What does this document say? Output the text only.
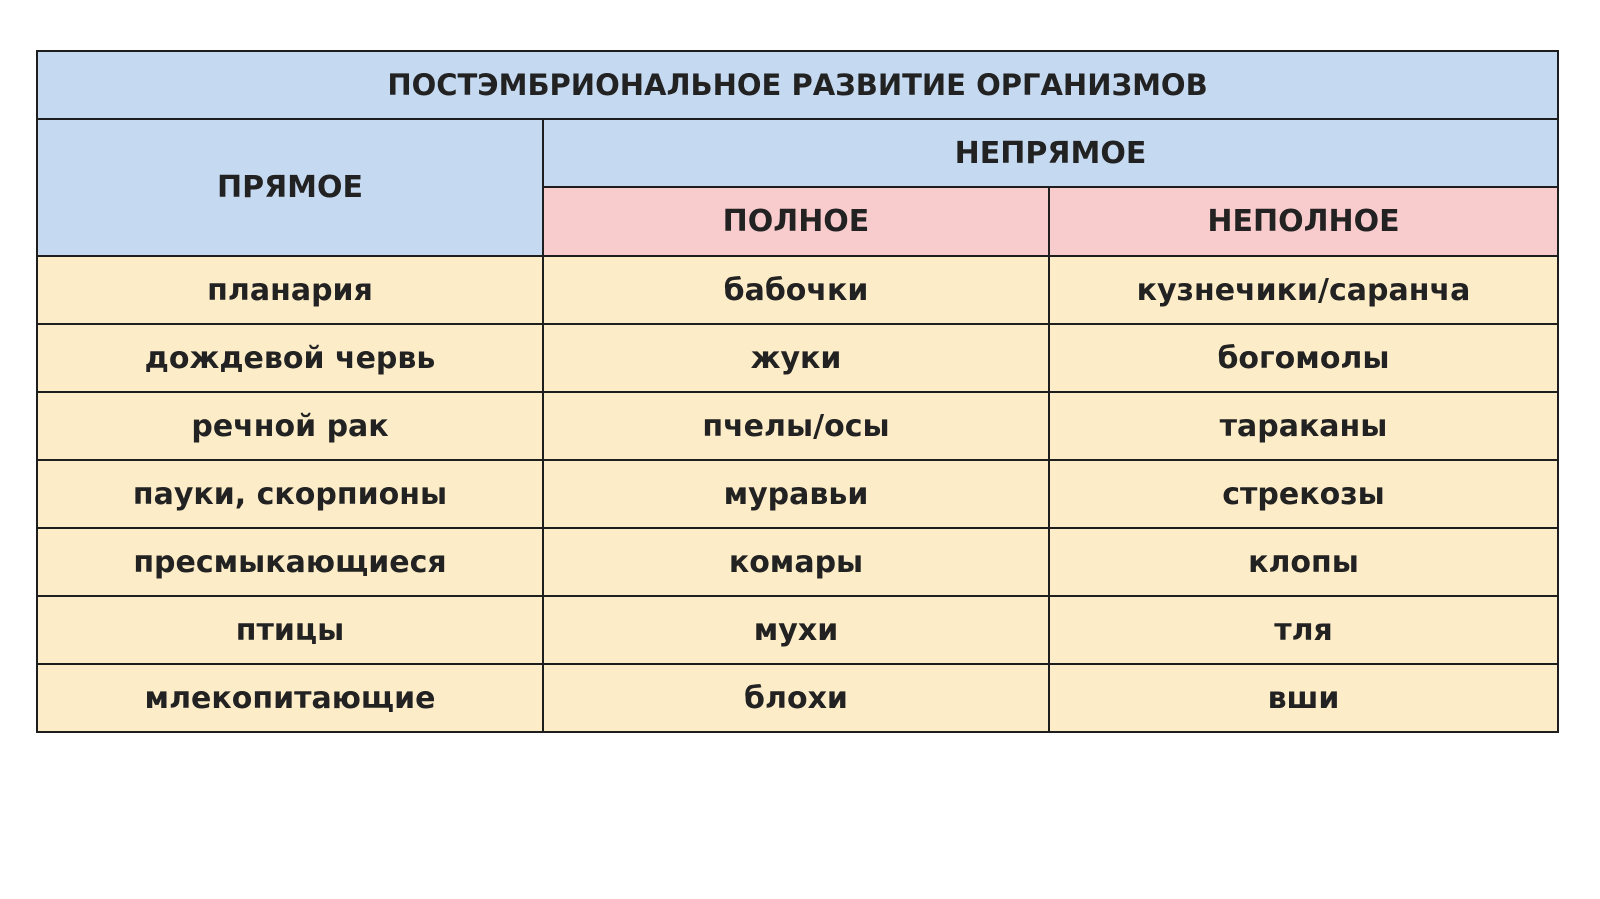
ПОСТЭМБРИОНАЛЬНОЕ РАЗВИТИЕ ОРГАНИЗМОВ		
ПРЯМОЕ	НЕПРЯМОЕ	
	ПОЛНОЕ	НЕПОЛНОЕ
планария	бабочки	кузнечики/саранча
дождевой червь	жуки	богомолы
речной рак	пчелы/осы	тараканы
пауки, скорпионы	муравьи	стрекозы
пресмыкающиеся	комары	клопы
птицы	мухи	тля
млекопитающие	блохи	вши
